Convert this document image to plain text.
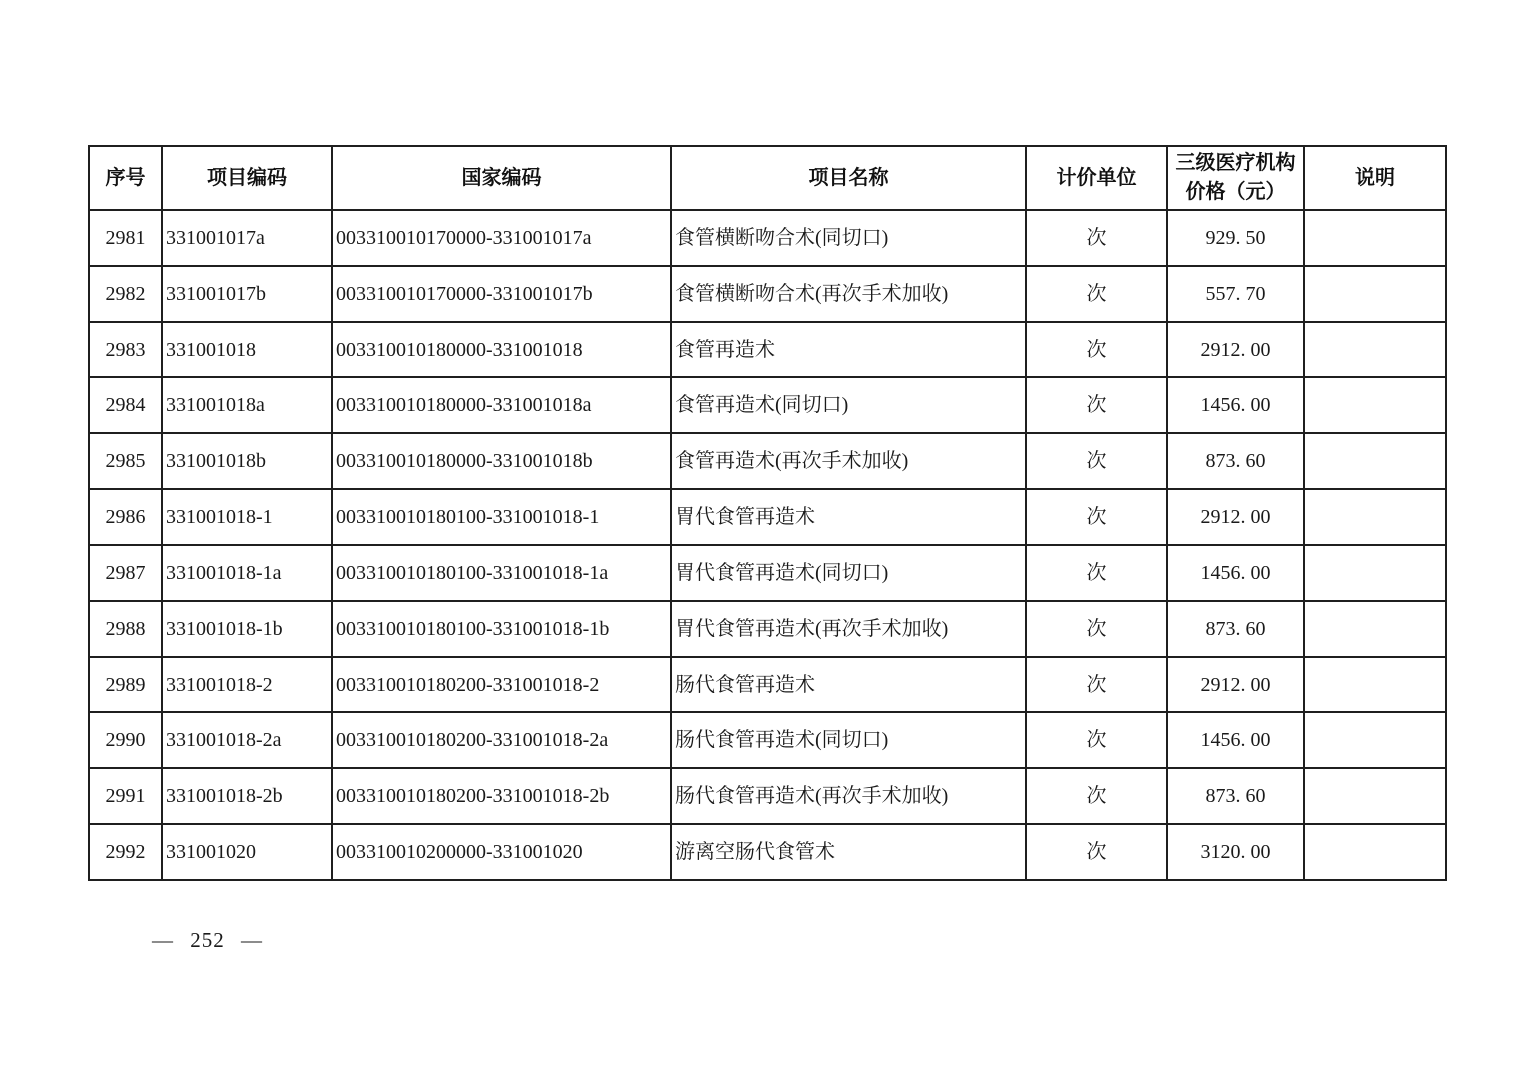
序号	项目编码	国家编码	项目名称	计价单位	三级医疗机构价格（元）	说明
2981	331001017a	003310010170000-331001017a	食管横断吻合术(同切口)	次	929. 50	
2982	331001017b	003310010170000-331001017b	食管横断吻合术(再次手术加收)	次	557. 70	
2983	331001018	003310010180000-331001018	食管再造术	次	2912. 00	
2984	331001018a	003310010180000-331001018a	食管再造术(同切口)	次	1456. 00	
2985	331001018b	003310010180000-331001018b	食管再造术(再次手术加收)	次	873. 60	
2986	331001018-1	003310010180100-331001018-1	胃代食管再造术	次	2912. 00	
2987	331001018-1a	003310010180100-331001018-1a	胃代食管再造术(同切口)	次	1456. 00	
2988	331001018-1b	003310010180100-331001018-1b	胃代食管再造术(再次手术加收)	次	873. 60	
2989	331001018-2	003310010180200-331001018-2	肠代食管再造术	次	2912. 00	
2990	331001018-2a	003310010180200-331001018-2a	肠代食管再造术(同切口)	次	1456. 00	
2991	331001018-2b	003310010180200-331001018-2b	肠代食管再造术(再次手术加收)	次	873. 60	
2992	331001020	003310010200000-331001020	游离空肠代食管术	次	3120. 00	
— 252 —
